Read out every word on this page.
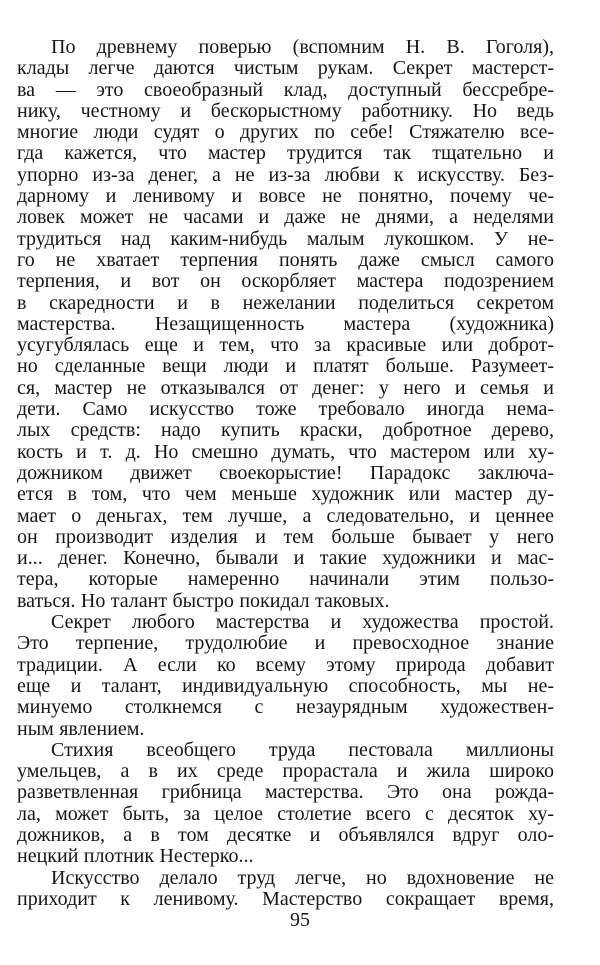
По древнему поверью (вспомним Н. В. Гоголя),
клады легче даются чистым рукам. Секрет мастерст-
ва — это своеобразный клад, доступный бессребре-
нику, честному и бескорыстному работнику. Но ведь
многие люди судят о других по себе! Стяжателю все-
гда кажется, что мастер трудится так тщательно и
упорно из-за денег, а не из-за любви к искусству. Без-
дарному и ленивому и вовсе не понятно, почему че-
ловек может не часами и даже не днями, а неделями
трудиться над каким-нибудь малым лукошком. У не-
го не хватает терпения понять даже смысл самого
терпения, и вот он оскорбляет мастера подозрением
в скаредности и в нежелании поделиться секретом
мастерства. Незащищенность мастера (художника)
усугублялась еще и тем, что за красивые или доброт-
но сделанные вещи люди и платят больше. Разумеет-
ся, мастер не отказывался от денег: у него и семья и
дети. Само искусство тоже требовало иногда нема-
лых средств: надо купить краски, добротное дерево,
кость и т. д. Но смешно думать, что мастером или ху-
дожником движет своекорыстие! Парадокс заключа-
ется в том, что чем меньше художник или мастер ду-
мает о деньгах, тем лучше, а следовательно, и ценнее
он производит изделия и тем больше бывает у него
и... денег. Конечно, бывали и такие художники и мас-
тера, которые намеренно начинали этим пользо-
ваться. Но талант быстро покидал таковых.
Секрет любого мастерства и художества простой.
Это терпение, трудолюбие и превосходное знание
традиции. А если ко всему этому природа добавит
еще и талант, индивидуальную способность, мы не-
минуемо столкнемся с незаурядным художествен-
ным явлением.
Стихия всеобщего труда пестовала миллионы
умельцев, а в их среде прорастала и жила широко
разветвленная грибница мастерства. Это она рожда-
ла, может быть, за целое столетие всего с десяток ху-
дожников, а в том десятке и объявлялся вдруг оло-
нецкий плотник Нестерко...
Искусство делало труд легче, но вдохновение не
приходит к ленивому. Мастерство сокращает время,
95
